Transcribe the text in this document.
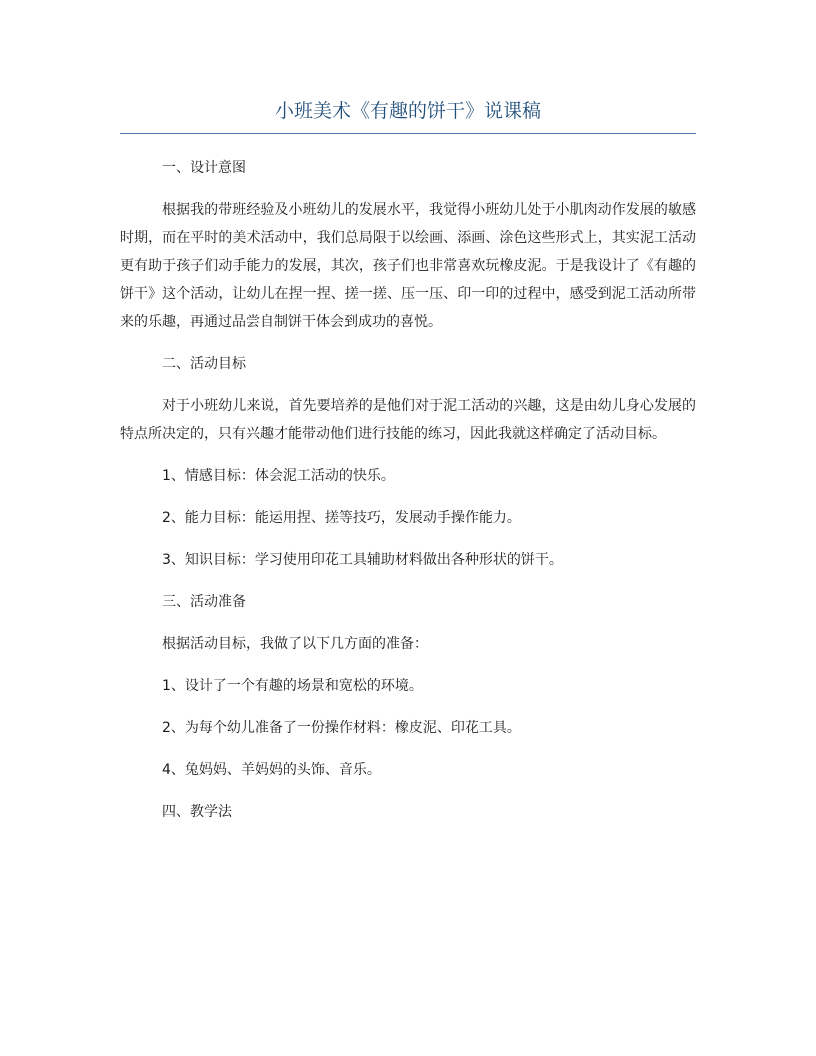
小班美术《有趣的饼干》说课稿

一、设计意图

根据我的带班经验及小班幼儿的发展水平，我觉得小班幼儿处于小肌肉动作发展的敏感时期，而在平时的美术活动中，我们总局限于以绘画、添画、涂色这些形式上，其实泥工活动更有助于孩子们动手能力的发展，其次，孩子们也非常喜欢玩橡皮泥。于是我设计了《有趣的饼干》这个活动，让幼儿在捏一捏、搓一搓、压一压、印一印的过程中，感受到泥工活动所带来的乐趣，再通过品尝自制饼干体会到成功的喜悦。

二、活动目标

对于小班幼儿来说，首先要培养的是他们对于泥工活动的兴趣，这是由幼儿身心发展的特点所决定的，只有兴趣才能带动他们进行技能的练习，因此我就这样确定了活动目标。

1、情感目标：体会泥工活动的快乐。

2、能力目标：能运用捏、搓等技巧，发展动手操作能力。

3、知识目标：学习使用印花工具辅助材料做出各种形状的饼干。

三、活动准备

根据活动目标，我做了以下几方面的准备：

1、设计了一个有趣的场景和宽松的环境。

2、为每个幼儿准备了一份操作材料：橡皮泥、印花工具。

4、兔妈妈、羊妈妈的头饰、音乐。

四、教学法
